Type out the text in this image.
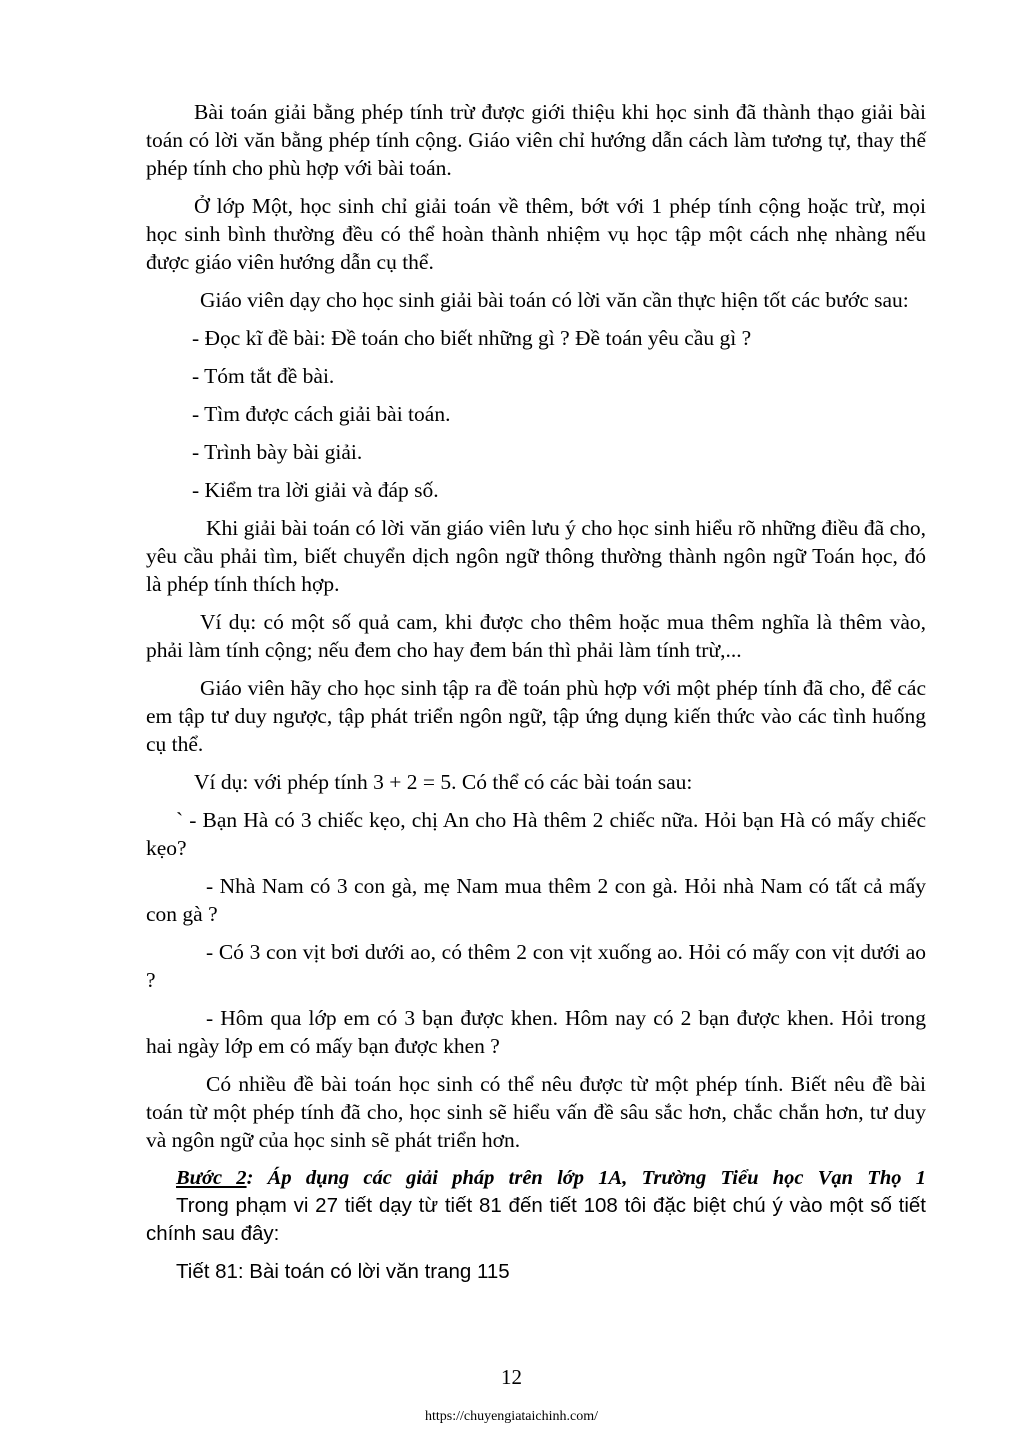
Bài toán giải bằng phép tính trừ được giới thiệu khi học sinh đã thành thạo giải bài toán có lời văn bằng phép tính cộng. Giáo viên chỉ hướng dẫn cách làm tương tự, thay thế phép tính cho phù hợp với bài toán.

Ở lớp Một, học sinh chỉ giải toán về thêm, bớt với 1 phép tính cộng hoặc trừ, mọi học sinh bình thường đều có thể hoàn thành nhiệm vụ học tập một cách nhẹ nhàng nếu được giáo viên hướng dẫn cụ thể.

Giáo viên dạy cho học sinh giải bài toán có lời văn cần thực hiện tốt các bước sau:

- Đọc kĩ đề bài: Đề toán cho biết những gì ? Đề toán yêu cầu gì ?

- Tóm tắt đề bài.

- Tìm được cách giải bài toán.

- Trình bày bài giải.

- Kiểm tra lời giải và đáp số.

Khi giải bài toán có lời văn giáo viên lưu ý cho học sinh hiểu rõ những điều đã cho, yêu cầu phải tìm, biết chuyển dịch ngôn ngữ thông thường thành ngôn ngữ Toán học, đó là phép tính thích hợp.

Ví dụ: có một số quả cam, khi được cho thêm hoặc mua thêm nghĩa là thêm vào, phải làm tính cộng; nếu đem cho hay đem bán thì phải làm tính trừ,...

Giáo viên hãy cho học sinh tập ra đề toán phù hợp với một phép tính đã cho, để các em tập tư duy ngược, tập phát triển ngôn ngữ, tập ứng dụng kiến thức vào các tình huống cụ thể.

Ví dụ: với phép tính 3 + 2 = 5. Có thể có các bài toán sau:

` - Bạn Hà có 3 chiếc kẹo, chị An cho Hà thêm 2 chiếc nữa. Hỏi bạn Hà có mấy chiếc kẹo?

- Nhà Nam có 3 con gà, mẹ Nam mua thêm 2 con gà. Hỏi nhà Nam có tất cả mấy con gà ?

- Có 3 con vịt bơi dưới ao, có thêm 2 con vịt xuống ao. Hỏi có mấy con vịt dưới ao ?

- Hôm qua lớp em có 3 bạn được khen. Hôm nay có 2 bạn được khen. Hỏi trong hai ngày lớp em có mấy bạn được khen ?

Có nhiều đề bài toán học sinh có thể nêu được từ một phép tính. Biết nêu đề bài toán từ một phép tính đã cho, học sinh sẽ hiểu vấn đề sâu sắc hơn, chắc chắn hơn, tư duy và ngôn ngữ của học sinh sẽ phát triển hơn.

Bước 2: Áp dụng các giải pháp trên lớp 1A, Trường Tiểu học Vạn Thọ 1

Trong phạm vi 27 tiết dạy từ tiết 81 đến tiết 108 tôi đặc biệt chú ý vào một số tiết chính sau đây:

Tiết 81: Bài toán có lời văn trang 115

12
https://chuyengiataichinh.com/
